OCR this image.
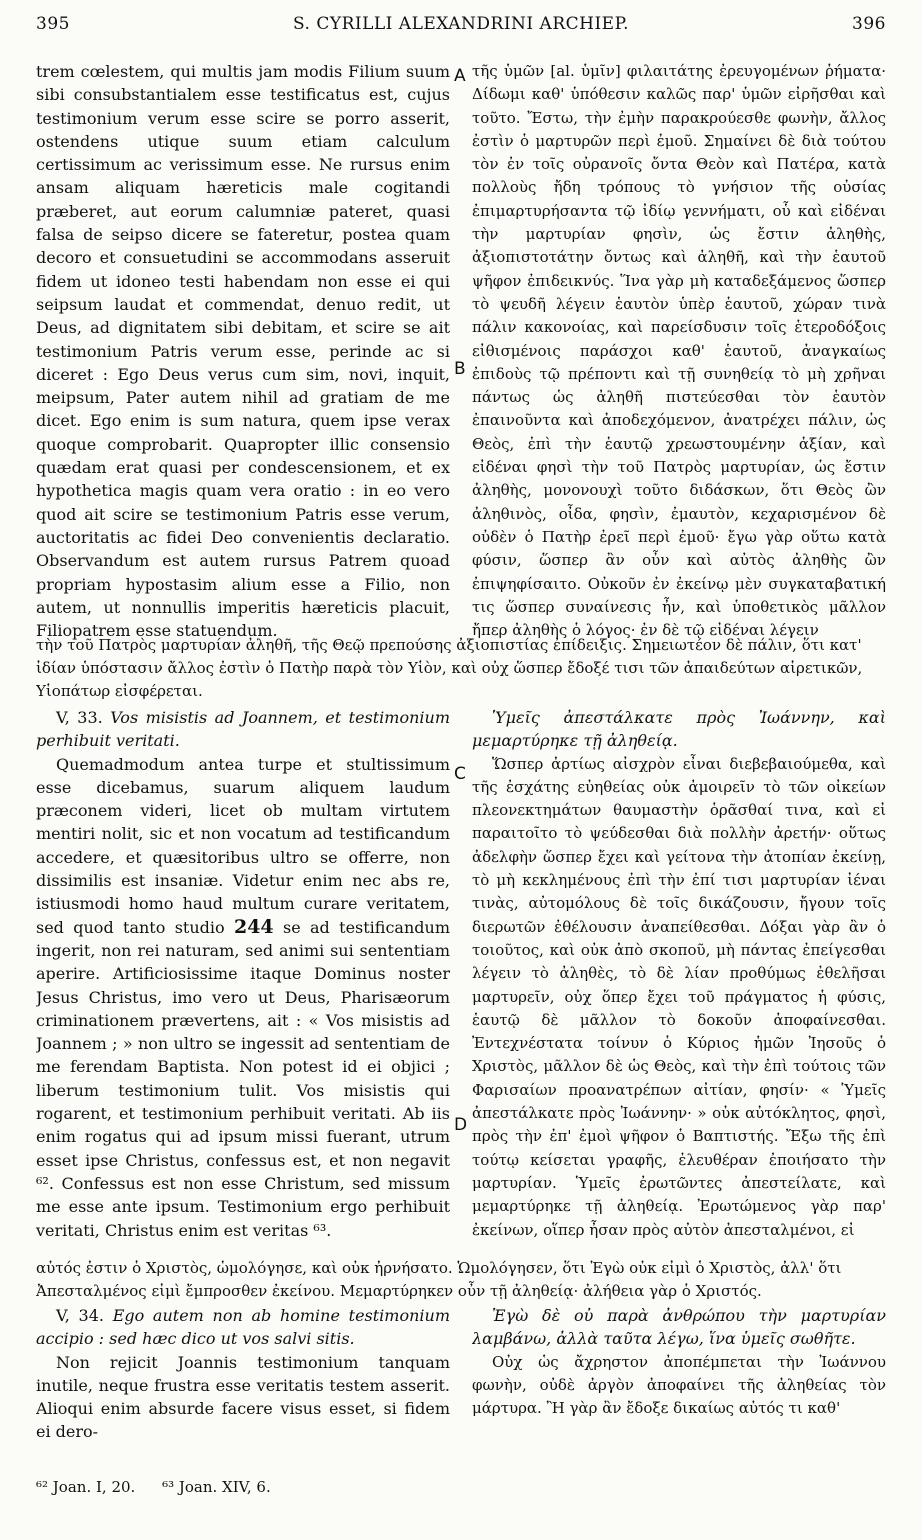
395	S. CYRILLI ALEXANDRINI ARCHIEP.	396

trem cœlestem, qui multis jam modis Filium suum sibi consubstantialem esse testificatus est, cujus testimonium verum esse scire se porro asserit, ostendens utique suum etiam calculum certissimum ac verissimum esse. Ne rursus enim ansam aliquam hæreticis male cogitandi præberet, aut eorum calumniæ pateret, quasi falsa de seipso dicere se fateretur, postea quam decoro et consuetudini se accommodans asseruit fidem ut idoneo testi habendam non esse ei qui seipsum laudat et commendat, denuo redit, ut Deus, ad dignitatem sibi debitam, et scire se ait testimonium Patris verum esse, perinde ac si diceret : Ego Deus verus cum sim, novi, inquit, meipsum, Pater autem nihil ad gratiam de me dicet. Ego enim is sum natura, quem ipse verax quoque comprobarit. Quapropter illic consensio quædam erat quasi per condescensionem, et ex hypothetica magis quam vera oratio : in eo vero quod ait scire se testimonium Patris esse verum, auctoritatis ac fidei Deo convenientis declaratio. Observandum est autem rursus Patrem quoad propriam hypostasim alium esse a Filio, non autem, ut nonnullis imperitis hæreticis placuit, Filiopatrem esse statuendum.

A
B

τῆς ὑμῶν [al. ὑμῖν] φιλαιτάτης ἐρευγομένων ῥήματα· Δίδωμι καθ' ὑπόθεσιν καλῶς παρ' ὑμῶν εἰρῆσθαι καὶ τοῦτο. Ἔστω, τὴν ἐμὴν παρακρούεσθε φωνὴν, ἄλλος ἐστὶν ὁ μαρτυρῶν περὶ ἐμοῦ. Σημαίνει δὲ διὰ τούτου τὸν ἐν τοῖς οὐρανοῖς ὄντα Θεὸν καὶ Πατέρα, κατὰ πολλοὺς ἤδη τρόπους τὸ γνήσιον τῆς οὐσίας ἐπιμαρτυρήσαντα τῷ ἰδίῳ γεννήματι, οὗ καὶ εἰδέναι τὴν μαρτυρίαν φησὶν, ὡς ἔστιν ἀληθὴς, ἀξιοπιστοτάτην ὄντως καὶ ἀληθῆ, καὶ τὴν ἑαυτοῦ ψῆφον ἐπιδεικνύς. Ἵνα γὰρ μὴ καταδεξάμενος ὥσπερ τὸ ψευδῆ λέγειν ἑαυτὸν ὑπὲρ ἑαυτοῦ, χώραν τινὰ πάλιν κακονοίας, καὶ παρείσδυσιν τοῖς ἑτεροδόξοις εἰθισμένοις παράσχοι καθ' ἑαυτοῦ, ἀναγκαίως ἐπιδοὺς τῷ πρέποντι καὶ τῇ συνηθείᾳ τὸ μὴ χρῆναι πάντως ὡς ἀληθῆ πιστεύεσθαι τὸν ἑαυτὸν ἐπαινοῦντα καὶ ἀποδεχόμενον, ἀνατρέχει πάλιν, ὡς Θεὸς, ἐπὶ τὴν ἑαυτῷ χρεωστουμένην ἀξίαν, καὶ εἰδέναι φησὶ τὴν τοῦ Πατρὸς μαρτυρίαν, ὡς ἔστιν ἀληθὴς, μονονουχὶ τοῦτο διδάσκων, ὅτι Θεὸς ὢν ἀληθινὸς, οἶδα, φησὶν, ἐμαυτὸν, κεχαρισμένον δὲ οὐδὲν ὁ Πατὴρ ἐρεῖ περὶ ἐμοῦ· ἔγω γὰρ οὕτω κατὰ φύσιν, ὥσπερ ἂν οὖν καὶ αὐτὸς ἀληθὴς ὢν ἐπιψηφίσαιτο. Οὐκοῦν ἐν ἐκείνῳ μὲν συγκαταβατική τις ὥσπερ συναίνεσις ἦν, καὶ ὑποθετικὸς μᾶλλον ἤπερ ἀληθὴς ὁ λόγος· ἐν δὲ τῷ εἰδέναι λέγειν

τὴν τοῦ Πατρὸς μαρτυρίαν ἀληθῆ, τῆς Θεῷ πρεπούσης ἀξιοπιστίας ἐπίδειξις. Σημειωτέον δὲ πάλιν, ὅτι κατ' ἰδίαν ὑπόστασιν ἄλλος ἐστὶν ὁ Πατὴρ παρὰ τὸν Υἱὸν, καὶ οὐχ ὥσπερ ἔδοξέ τισι τῶν ἀπαιδεύτων αἱρετικῶν, Υἱοπάτωρ εἰσφέρεται.

V, 33. Vos misistis ad Joannem, et testimonium perhibuit veritati.

Quemadmodum antea turpe et stultissimum esse dicebamus, suarum aliquem laudum præconem videri, licet ob multam virtutem mentiri nolit, sic et non vocatum ad testificandum accedere, et quæsitoribus ultro se offerre, non dissimilis est insaniæ. Videtur enim nec abs re, istiusmodi homo haud multum curare veritatem, sed quod tanto studio 244 se ad testificandum ingerit, non rei naturam, sed animi sui sententiam aperire. Artificiosissime itaque Dominus noster Jesus Christus, imo vero ut Deus, Pharisæorum criminationem prævertens, ait : « Vos misistis ad Joannem ; » non ultro se ingessit ad sententiam de me ferendam Baptista. Non potest id ei objici ; liberum testimonium tulit. Vos misistis qui rogarent, et testimonium perhibuit veritati. Ab iis enim rogatus qui ad ipsum missi fuerant, utrum esset ipse Christus, confessus est, et non negavit ⁶². Confessus est non esse Christum, sed missum me esse ante ipsum. Testimonium ergo perhibuit veritati, Christus enim est veritas ⁶³.

C
D

Ὑμεῖς ἀπεστάλκατε πρὸς Ἰωάννην, καὶ μεμαρτύρηκε τῇ ἀληθείᾳ.

Ὥσπερ ἀρτίως αἰσχρὸν εἶναι διεβεβαιούμεθα, καὶ τῆς ἐσχάτης εὐηθείας οὐκ ἀμοιρεῖν τὸ τῶν οἰκείων πλεονεκτημάτων θαυμαστὴν ὁρᾶσθαί τινα, καὶ εἰ παραιτοῖτο τὸ ψεύδεσθαι διὰ πολλὴν ἀρετήν· οὕτως ἀδελφὴν ὥσπερ ἔχει καὶ γείτονα τὴν ἀτοπίαν ἐκείνῃ, τὸ μὴ κεκλημένους ἐπὶ τὴν ἐπί τισι μαρτυρίαν ἰέναι τινὰς, αὐτομόλους δὲ τοῖς δικάζουσιν, ἤγουν τοῖς διερωτῶν ἐθέλουσιν ἀναπείθεσθαι. Δόξαι γὰρ ἂν ὁ τοιοῦτος, καὶ οὐκ ἀπὸ σκοποῦ, μὴ πάντας ἐπείγεσθαι λέγειν τὸ ἀληθὲς, τὸ δὲ λίαν προθύμως ἐθελῆσαι μαρτυρεῖν, οὐχ ὅπερ ἔχει τοῦ πράγματος ἡ φύσις, ἑαυτῷ δὲ μᾶλλον τὸ δοκοῦν ἀποφαίνεσθαι. Ἐντεχνέστατα τοίνυν ὁ Κύριος ἡμῶν Ἰησοῦς ὁ Χριστὸς, μᾶλλον δὲ ὡς Θεὸς, καὶ τὴν ἐπὶ τούτοις τῶν Φαρισαίων προανατρέπων αἰτίαν, φησίν· « Ὑμεῖς ἀπεστάλκατε πρὸς Ἰωάννην· » οὐκ αὐτόκλητος, φησὶ, πρὸς τὴν ἐπ' ἐμοὶ ψῆφον ὁ Βαπτιστής. Ἔξω τῆς ἐπὶ τούτῳ κείσεται γραφῆς, ἐλευθέραν ἐποιήσατο τὴν μαρτυρίαν. Ὑμεῖς ἐρωτῶντες ἀπεστείλατε, καὶ μεμαρτύρηκε τῇ ἀληθείᾳ. Ἐρωτώμενος γὰρ παρ' ἐκείνων, οἵπερ ἦσαν πρὸς αὐτὸν ἀπεσταλμένοι, εἰ

αὐτός ἐστιν ὁ Χριστὸς, ὡμολόγησε, καὶ οὐκ ἠρνήσατο. Ὡμολόγησεν, ὅτι Ἐγὼ οὐκ εἰμὶ ὁ Χριστὸς, ἀλλ' ὅτι Ἀπεσταλμένος εἰμὶ ἔμπροσθεν ἐκείνου. Μεμαρτύρηκεν οὖν τῇ ἀληθείᾳ· ἀλήθεια γὰρ ὁ Χριστός.

V, 34. Ego autem non ab homine testimonium accipio : sed hæc dico ut vos salvi sitis.

Non rejicit Joannis testimonium tanquam inutile, neque frustra esse veritatis testem asserit. Alioqui enim absurde facere visus esset, si fidem ei dero-

Ἐγὼ δὲ οὐ παρὰ ἀνθρώπου τὴν μαρτυρίαν λαμβάνω, ἀλλὰ ταῦτα λέγω, ἵνα ὑμεῖς σωθῆτε.

Οὐχ ὡς ἄχρηστον ἀποπέμπεται τὴν Ἰωάννου φωνὴν, οὐδὲ ἀργὸν ἀποφαίνει τῆς ἀληθείας τὸν μάρτυρα. Ἢ γὰρ ἂν ἔδοξε δικαίως αὐτός τι καθ'

⁶² Joan. I, 20. ⁶³ Joan. XIV, 6.
